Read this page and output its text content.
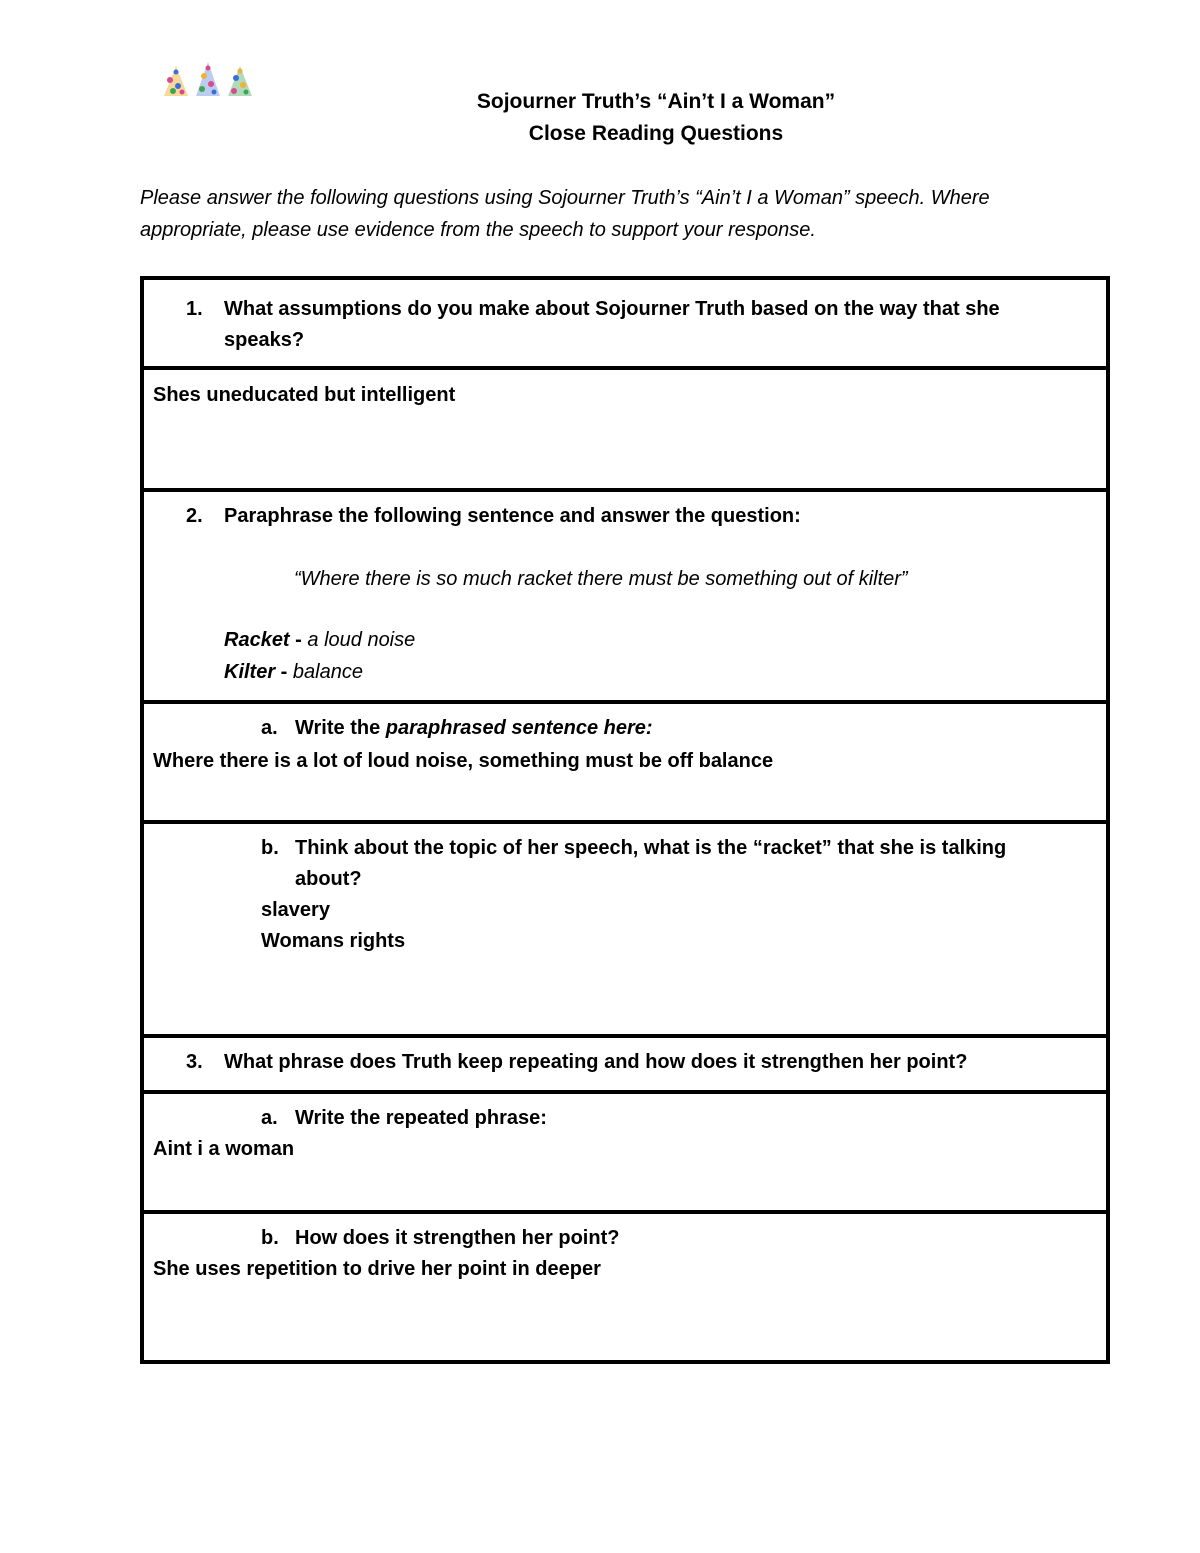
Sojourner Truth’s “Ain’t I a Woman”
Close Reading Questions
Please answer the following questions using Sojourner Truth’s “Ain’t I a Woman” speech. Where appropriate, please use evidence from the speech to support your response.
1. What assumptions do you make about Sojourner Truth based on the way that she
speaks?
Shes uneducated but intelligent
2. Paraphrase the following sentence and answer the question:
“Where there is so much racket there must be something out of kilter”
Racket - a loud noise
Kilter - balance
a. Write the paraphrased sentence here:
Where there is a lot of loud noise, something must be off balance
b. Think about the topic of her speech, what is the “racket” that she is talking
about?
slavery
Womans rights
3. What phrase does Truth keep repeating and how does it strengthen her point?
a. Write the repeated phrase:
Aint i a woman
b. How does it strengthen her point?
She uses repetition to drive her point in deeper
